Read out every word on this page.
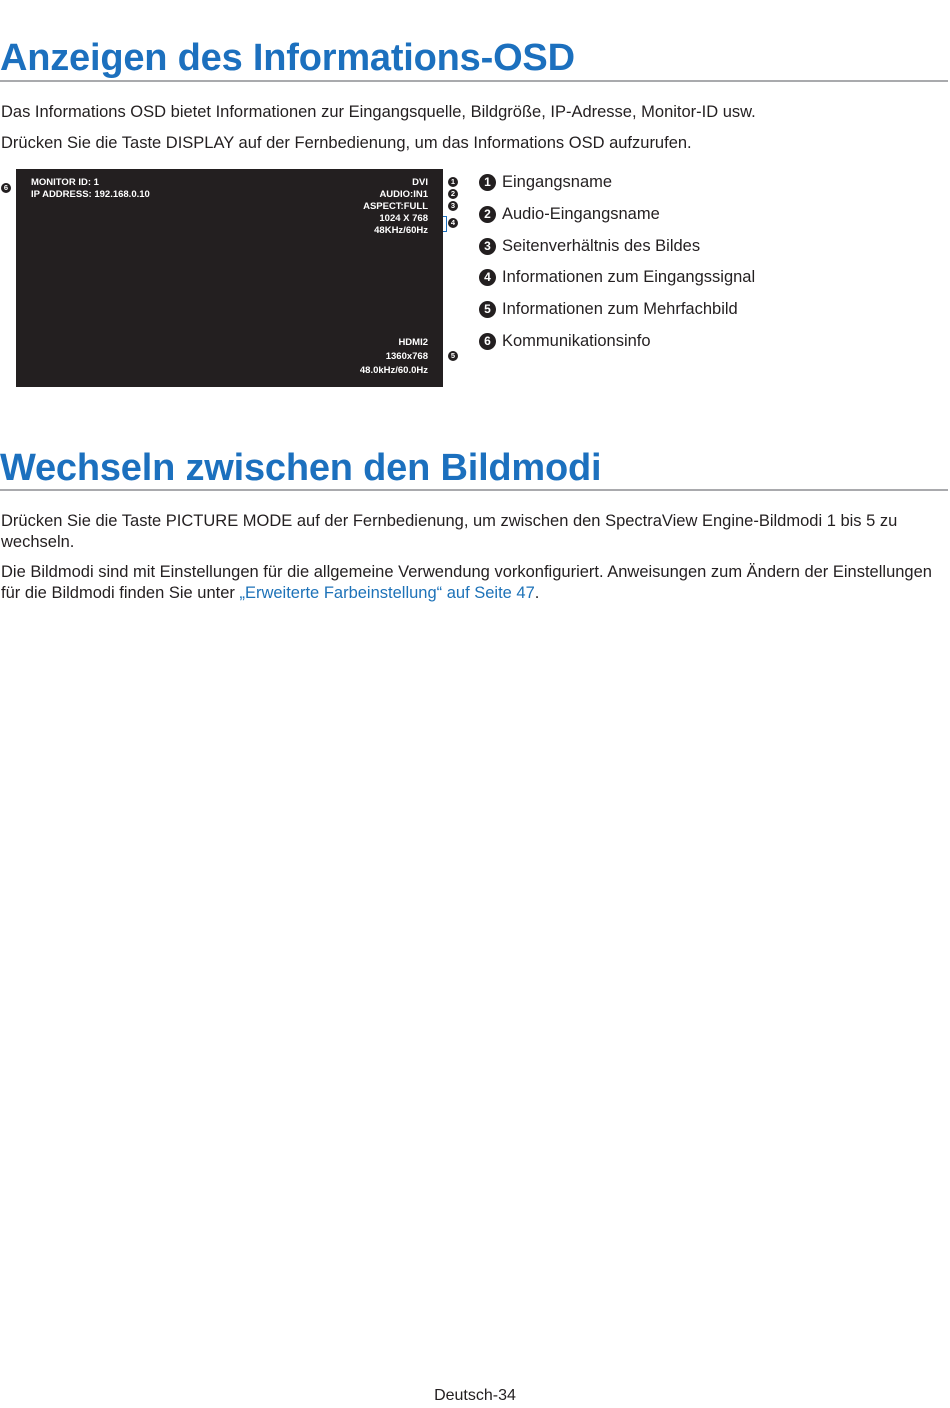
Anzeigen des Informations-OSD

Das Informations OSD bietet Informationen zur Eingangsquelle, Bildgröße, IP-Adresse, Monitor-ID usw.

Drücken Sie die Taste DISPLAY auf der Fernbedienung, um das Informations OSD aufzurufen.

6	MONITOR ID: 1
IP ADDRESS: 192.168.0.10
DVI
AUDIO:IN1
ASPECT:FULL
1024 X 768
48KHz/60Hz
HDMI2
1360x768
48.0kHz/60.0Hz
1
2
3
4
5
1 Eingangsname
2 Audio-Eingangsname
3 Seitenverhältnis des Bildes
4 Informationen zum Eingangssignal
5 Informationen zum Mehrfachbild
6 Kommunikationsinfo
Wechseln zwischen den Bildmodi

Drücken Sie die Taste PICTURE MODE auf der Fernbedienung, um zwischen den SpectraView Engine-Bildmodi 1 bis 5 zu wechseln.

Die Bildmodi sind mit Einstellungen für die allgemeine Verwendung vorkonfiguriert. Anweisungen zum Ändern der Einstellungen für die Bildmodi finden Sie unter „Erweiterte Farbeinstellung“ auf Seite 47.

Deutsch-34
